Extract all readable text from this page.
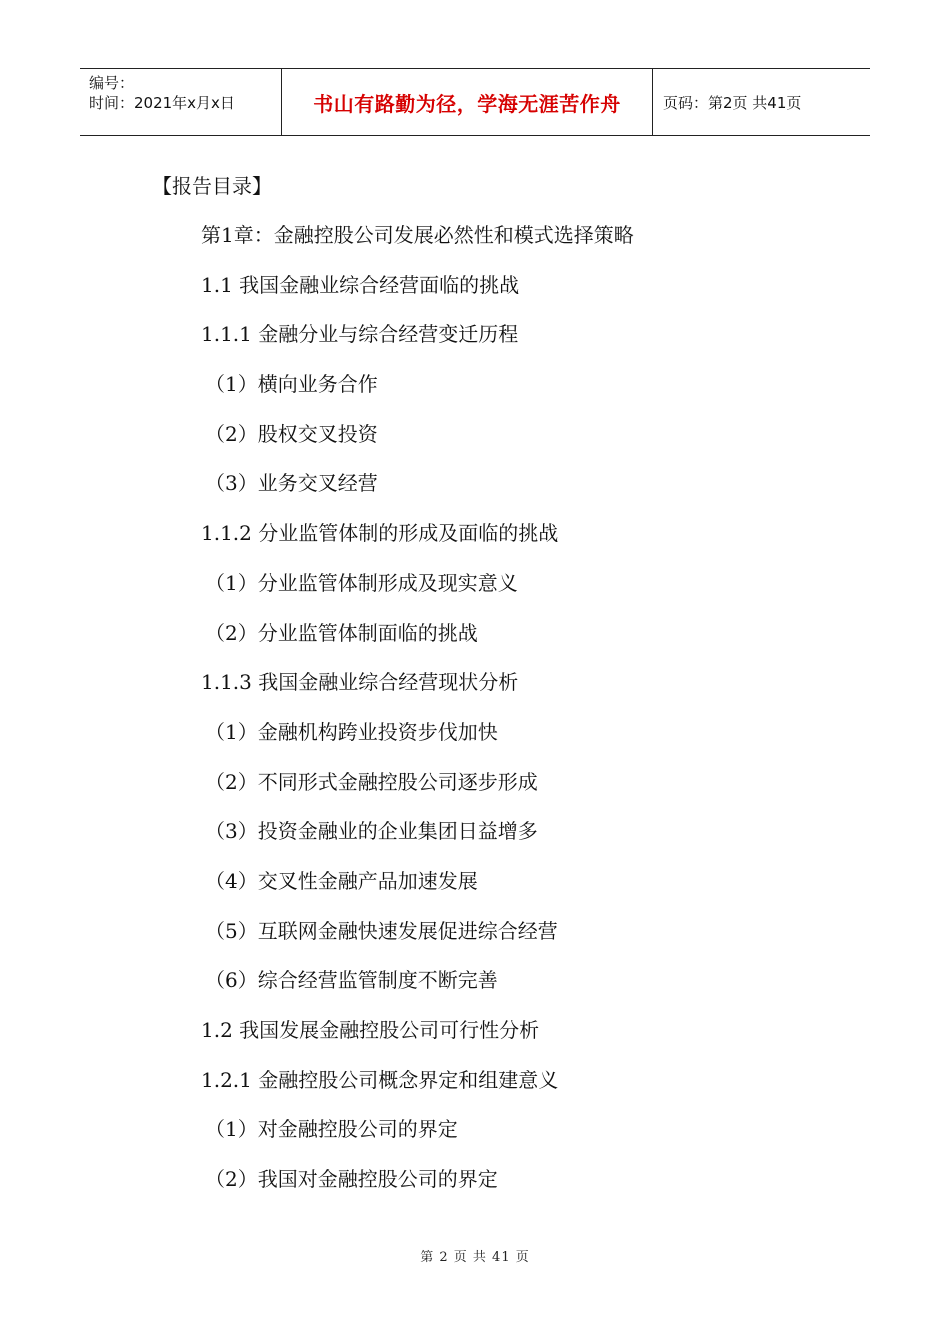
编号：
时间：2021年x月x日	书山有路勤为径，学海无涯苦作舟	页码：第2页 共41页
【报告目录】
第1章：金融控股公司发展必然性和模式选择策略
1.1 我国金融业综合经营面临的挑战
1.1.1 金融分业与综合经营变迁历程
（1）横向业务合作
（2）股权交叉投资
（3）业务交叉经营
1.1.2 分业监管体制的形成及面临的挑战
（1）分业监管体制形成及现实意义
（2）分业监管体制面临的挑战
1.1.3 我国金融业综合经营现状分析
（1）金融机构跨业投资步伐加快
（2）不同形式金融控股公司逐步形成
（3）投资金融业的企业集团日益增多
（4）交叉性金融产品加速发展
（5）互联网金融快速发展促进综合经营
（6）综合经营监管制度不断完善
1.2 我国发展金融控股公司可行性分析
1.2.1 金融控股公司概念界定和组建意义
（1）对金融控股公司的界定
（2）我国对金融控股公司的界定
第 2 页 共 41 页
